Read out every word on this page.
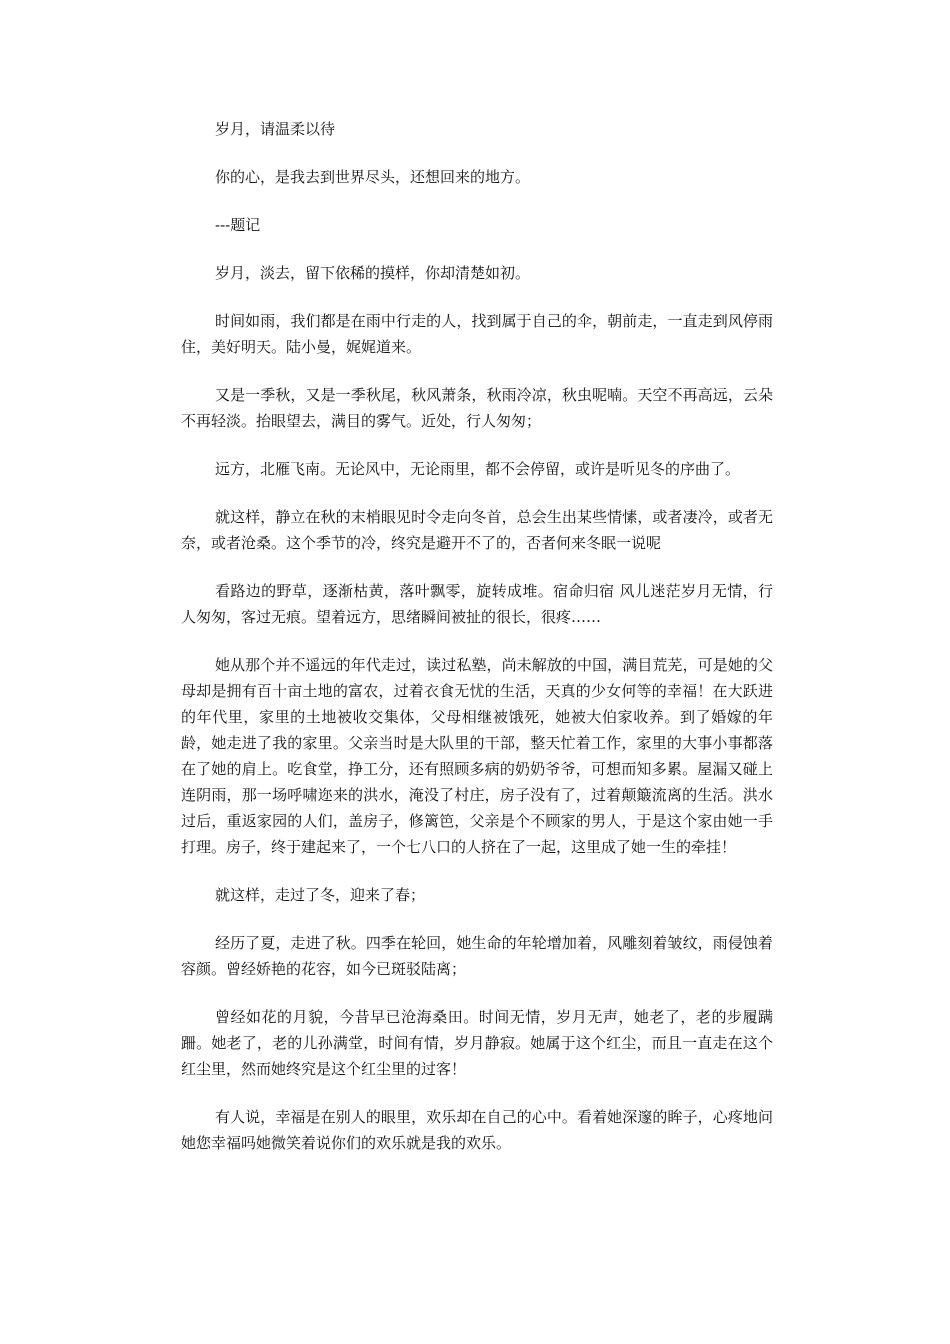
岁月，请温柔以待

你的心，是我去到世界尽头，还想回来的地方。

---题记

岁月，淡去，留下依稀的摸样，你却清楚如初。

时间如雨，我们都是在雨中行走的人，找到属于自己的伞，朝前走，一直走到风停雨住，美好明天。陆小曼，娓娓道来。

又是一季秋，又是一季秋尾，秋风萧条，秋雨冷凉，秋虫呢喃。天空不再高远，云朵不再轻淡。抬眼望去，满目的雾气。近处，行人匆匆；

远方，北雁飞南。无论风中，无论雨里，都不会停留，或许是听见冬的序曲了。

就这样，静立在秋的末梢眼见时令走向冬首，总会生出某些情愫，或者凄冷，或者无奈，或者沧桑。这个季节的冷，终究是避开不了的，否者何来冬眠一说呢

看路边的野草，逐渐枯黄，落叶飘零，旋转成堆。宿命归宿 风儿迷茫岁月无情，行人匆匆，客过无痕。望着远方，思绪瞬间被扯的很长，很疼……

她从那个并不遥远的年代走过，读过私塾，尚未解放的中国，满目荒芜，可是她的父母却是拥有百十亩土地的富农，过着衣食无忧的生活，天真的少女何等的幸福！在大跃进的年代里，家里的土地被收交集体，父母相继被饿死，她被大伯家收养。到了婚嫁的年龄，她走进了我的家里。父亲当时是大队里的干部，整天忙着工作，家里的大事小事都落在了她的肩上。吃食堂，挣工分，还有照顾多病的奶奶爷爷，可想而知多累。屋漏又碰上连阴雨，那一场呼啸迩来的洪水，淹没了村庄，房子没有了，过着颠簸流离的生活。洪水过后，重返家园的人们，盖房子，修篱笆，父亲是个不顾家的男人，于是这个家由她一手打理。房子，终于建起来了，一个七八口的人挤在了一起，这里成了她一生的牵挂！

就这样，走过了冬，迎来了春；

经历了夏，走进了秋。四季在轮回，她生命的年轮增加着，风雕刻着皱纹，雨侵蚀着容颜。曾经娇艳的花容，如今已斑驳陆离；

曾经如花的月貌，今昔早已沧海桑田。时间无情，岁月无声，她老了，老的步履蹒跚。她老了，老的儿孙满堂，时间有情，岁月静寂。她属于这个红尘，而且一直走在这个红尘里，然而她终究是这个红尘里的过客！

有人说，幸福是在别人的眼里，欢乐却在自己的心中。看着她深邃的眸子，心疼地问她您幸福吗她微笑着说你们的欢乐就是我的欢乐。
